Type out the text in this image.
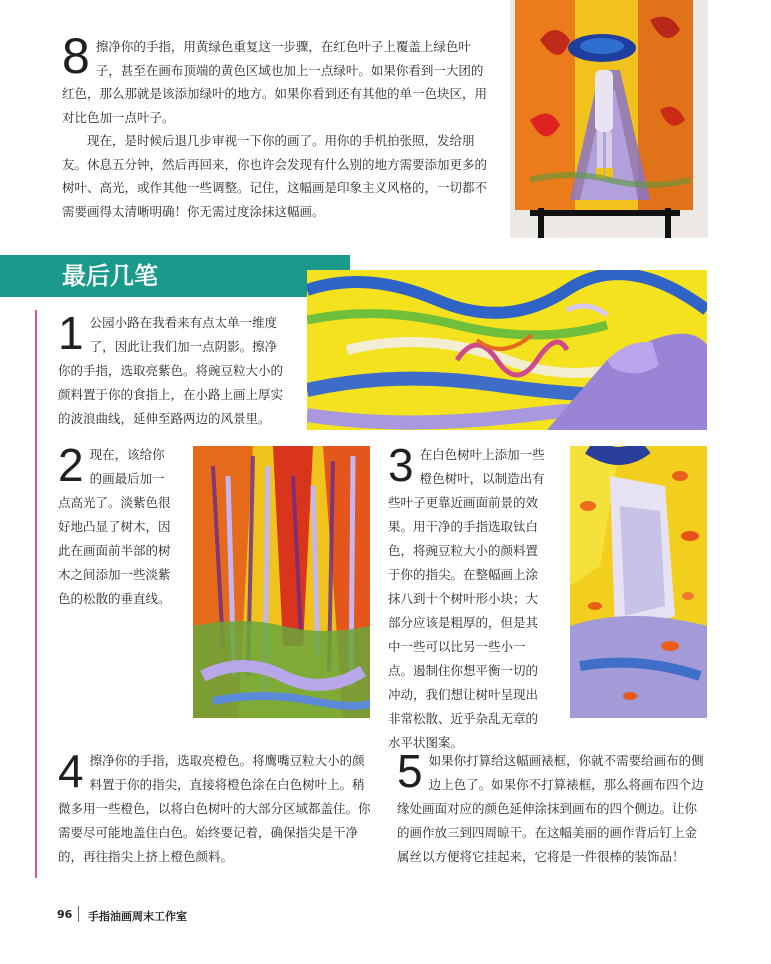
8 擦净你的手指，用黄绿色重复这一步骤，在红色叶子上覆盖上绿色叶子，甚至在画布顶端的黄色区域也加上一点绿叶。如果你看到一大团的红色，那么那就是该添加绿叶的地方。如果你看到还有其他的单一色块区，用对比色加一点叶子。
现在，是时候后退几步审视一下你的画了。用你的手机拍张照，发给朋友。休息五分钟，然后再回来，你也许会发现有什么别的地方需要添加更多的树叶、高光，或作其他一些调整。记住，这幅画是印象主义风格的，一切都不需要画得太清晰明确！你无需过度涂抹这幅画。
最后几笔
1 公园小路在我看来有点太单一维度了，因此让我们加一点阴影。擦净你的手指，选取亮紫色。将豌豆粒大小的颜料置于你的食指上，在小路上画上厚实的波浪曲线，延伸至路两边的风景里。
2 现在，该给你的画最后加一点高光了。淡紫色很好地凸显了树木，因此在画面前半部的树木之间添加一些淡紫色的松散的垂直线。
3 在白色树叶上添加一些橙色树叶，以制造出有些叶子更靠近画面前景的效果。用干净的手指选取钛白色，将豌豆粒大小的颜料置于你的指尖。在整幅画上涂抹八到十个树叶形小块；大部分应该是粗厚的，但是其中一些可以比另一些小一点。遏制住你想平衡一切的冲动，我们想让树叶呈现出非常松散、近乎杂乱无章的水平状图案。
4 擦净你的手指，选取亮橙色。将鹰嘴豆粒大小的颜料置于你的指尖，直接将橙色涂在白色树叶上。稍微多用一些橙色，以将白色树叶的大部分区域都盖住。你需要尽可能地盖住白色。始终要记着，确保指尖是干净的，再往指尖上挤上橙色颜料。
5 如果你打算给这幅画裱框，你就不需要给画布的侧边上色了。如果你不打算裱框，那么将画布四个边缘处画面对应的颜色延伸涂抹到画布的四个侧边。让你的画作放三到四周晾干。在这幅美丽的画作背后钉上金属丝以方便将它挂起来，它将是一件很棒的装饰品！
96 手指油画周末工作室
